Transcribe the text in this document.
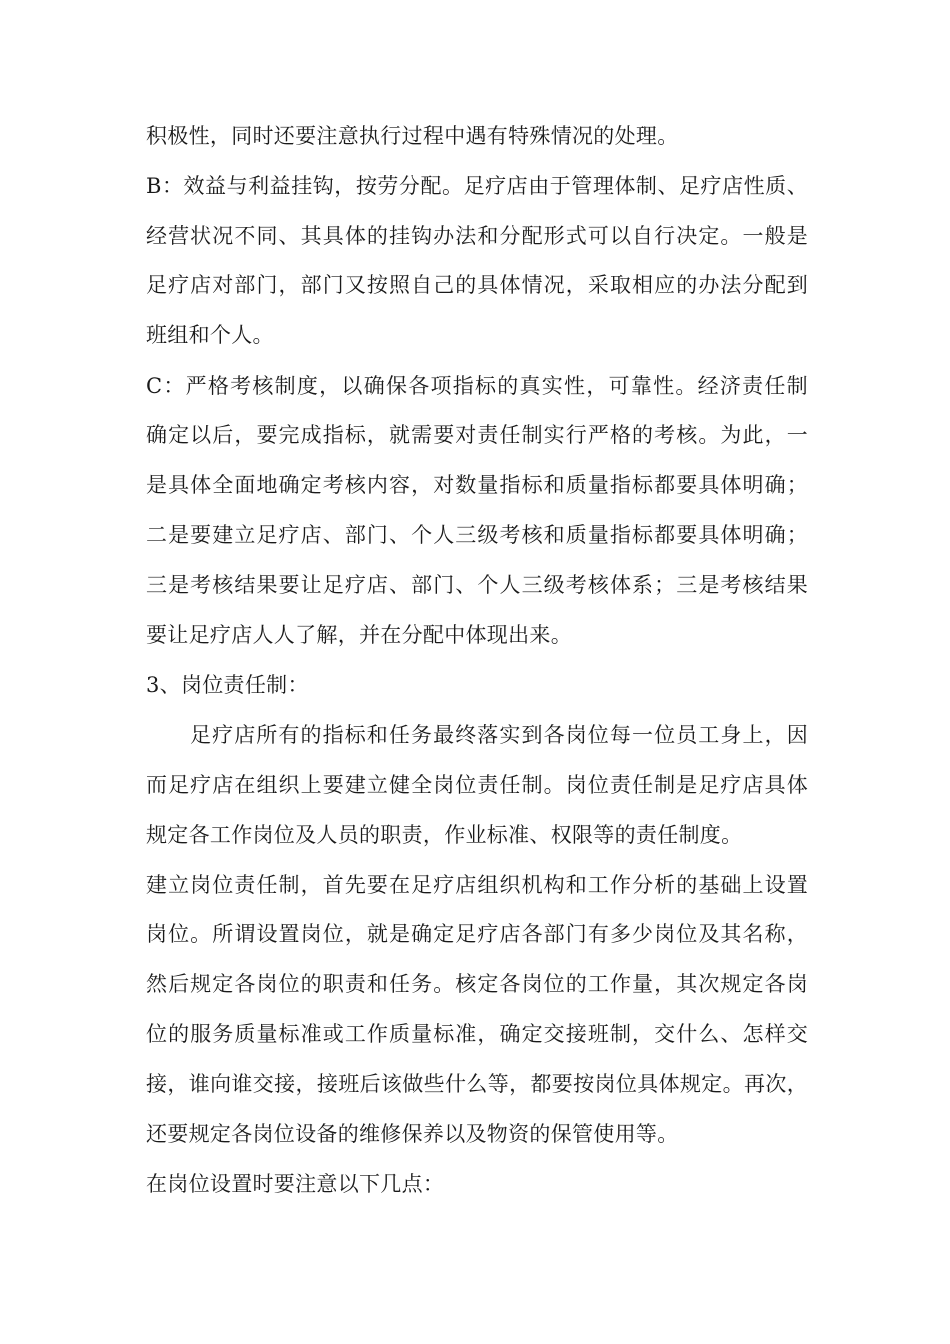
积极性，同时还要注意执行过程中遇有特殊情况的处理。
B：效益与利益挂钩，按劳分配。足疗店由于管理体制、足疗店性质、
经营状况不同、其具体的挂钩办法和分配形式可以自行决定。一般是
足疗店对部门，部门又按照自己的具体情况，采取相应的办法分配到
班组和个人。
C：严格考核制度，以确保各项指标的真实性，可靠性。经济责任制
确定以后，要完成指标，就需要对责任制实行严格的考核。为此，一
是具体全面地确定考核内容，对数量指标和质量指标都要具体明确；
二是要建立足疗店、部门、个人三级考核和质量指标都要具体明确；
三是考核结果要让足疗店、部门、个人三级考核体系；三是考核结果
要让足疗店人人了解，并在分配中体现出来。
3、岗位责任制：
足疗店所有的指标和任务最终落实到各岗位每一位员工身上，因
而足疗店在组织上要建立健全岗位责任制。岗位责任制是足疗店具体
规定各工作岗位及人员的职责，作业标准、权限等的责任制度。
建立岗位责任制，首先要在足疗店组织机构和工作分析的基础上设置
岗位。所谓设置岗位，就是确定足疗店各部门有多少岗位及其名称，
然后规定各岗位的职责和任务。核定各岗位的工作量，其次规定各岗
位的服务质量标准或工作质量标准，确定交接班制，交什么、怎样交
接，谁向谁交接，接班后该做些什么等，都要按岗位具体规定。再次，
还要规定各岗位设备的维修保养以及物资的保管使用等。
在岗位设置时要注意以下几点：
